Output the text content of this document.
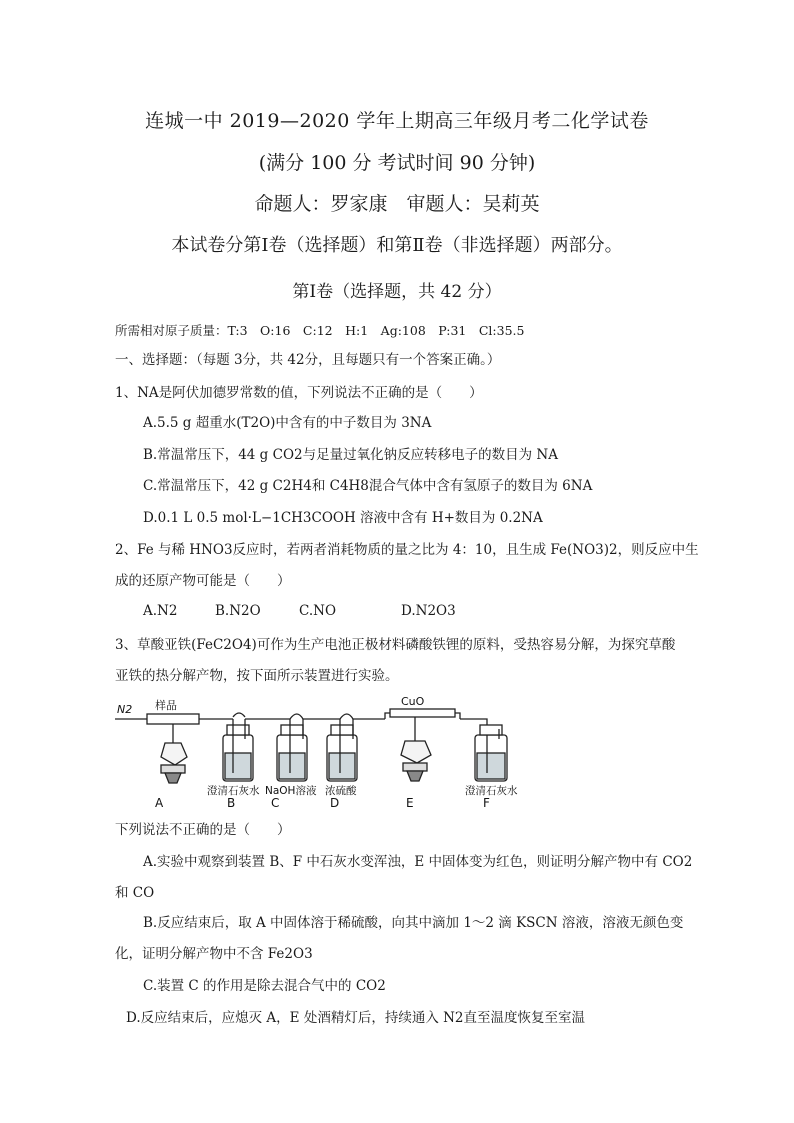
连城一中 2019—2020 学年上期高三年级月考二化学试卷
(满分 100 分 考试时间 90 分钟)
命题人：罗家康　审题人：吴莉英
本试卷分第Ⅰ卷（选择题）和第Ⅱ卷（非选择题）两部分。
第Ⅰ卷（选择题，共 42 分）
所需相对原子质量：T:3　O:16　C:12　H:1　Ag:108　P:31　Cl:35.5
一、选择题：（每题 3分，共 42分，且每题只有一个答案正确。）
1、NA是阿伏加德罗常数的值，下列说法不正确的是（　　）
A.5.5 g 超重水(T2O)中含有的中子数目为 3NA
B.常温常压下，44 g CO2与足量过氧化钠反应转移电子的数目为 NA
C.常温常压下，42 g C2H4和 C4H8混合气体中含有氢原子的数目为 6NA
D.0.1 L 0.5 mol·L−1CH3COOH 溶液中含有 H+数目为 0.2NA
2、Fe 与稀 HNO3反应时，若两者消耗物质的量之比为 4：10，且生成 Fe(NO3)2，则反应中生
成的还原产物可能是（　　）
A.N2	B.N2O	C.NO	D.N2O3
3、草酸亚铁(FeC2O4)可作为生产电池正极材料磷酸铁锂的原料，受热容易分解，为探究草酸
亚铁的热分解产物，按下面所示装置进行实验。
N2 样品	CuO
澄清石灰水 NaOH溶液 浓硫酸	澄清石灰水
A	B	C	D	E	F
下列说法不正确的是（　　）
A.实验中观察到装置 B、F 中石灰水变浑浊，E 中固体变为红色，则证明分解产物中有 CO2
和 CO
B.反应结束后，取 A 中固体溶于稀硫酸，向其中滴加 1～2 滴 KSCN 溶液，溶液无颜色变
化，证明分解产物中不含 Fe2O3
C.装置 C 的作用是除去混合气中的 CO2
D.反应结束后，应熄灭 A，E 处酒精灯后，持续通入 N2直至温度恢复至室温
